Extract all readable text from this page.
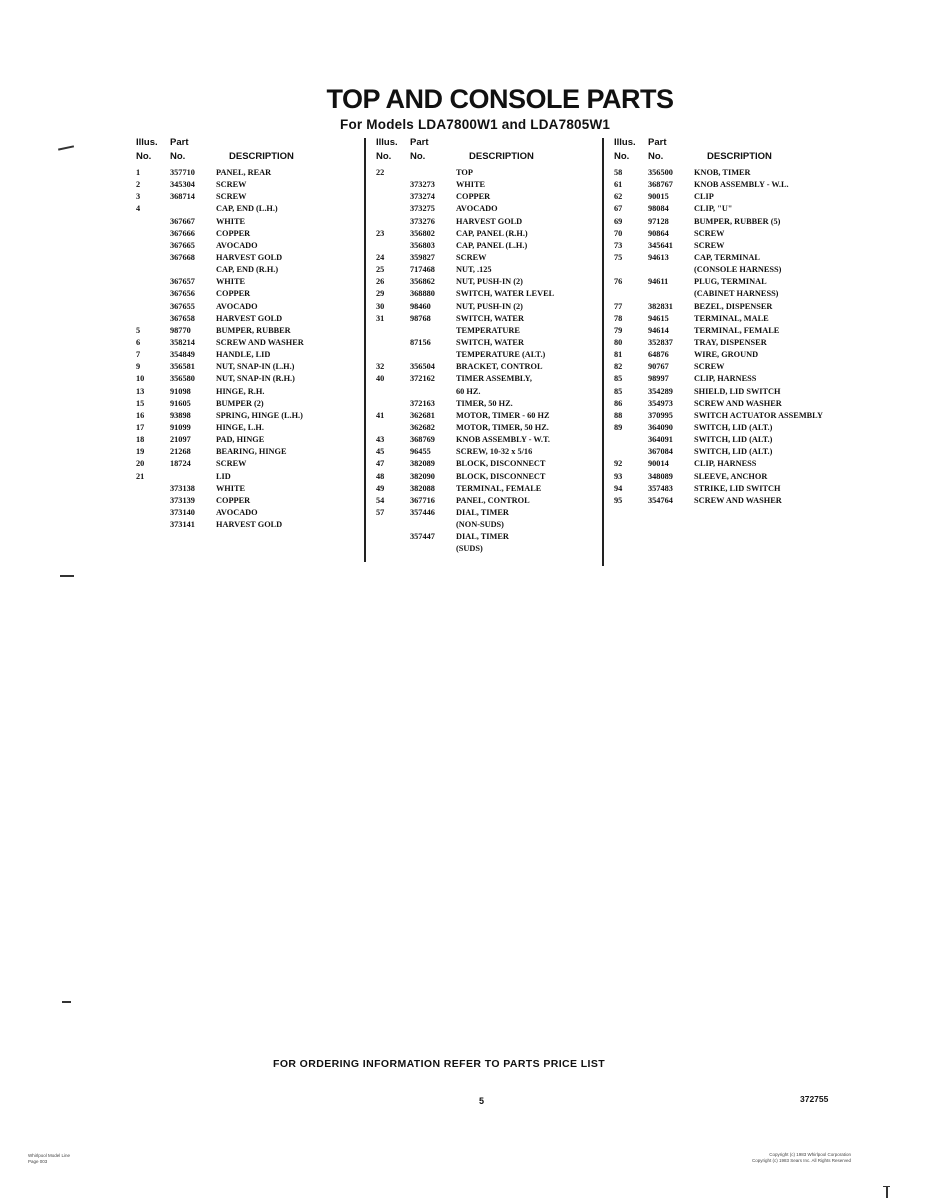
TOP AND CONSOLE PARTS
For Models LDA7800W1 and LDA7805W1
Illus. Part
No. No.	DESCRIPTION
1	357710	PANEL, REAR
2	345304	SCREW
3	368714	SCREW
4	CAP, END (L.H.)
367667	WHITE
367666	COPPER
367665	AVOCADO
367668	HARVEST GOLD
CAP, END (R.H.)
367657	WHITE
367656	COPPER
367655	AVOCADO
367658	HARVEST GOLD
5	98770	BUMPER, RUBBER
6	358214	SCREW AND WASHER
7	354849	HANDLE, LID
9	356581	NUT, SNAP-IN (L.H.)
10	356580	NUT, SNAP-IN (R.H.)
13	91098	HINGE, R.H.
15	91605	BUMPER (2)
16	93898	SPRING, HINGE (L.H.)
17	91099	HINGE, L.H.
18	21097	PAD, HINGE
19	21268	BEARING, HINGE
20	18724	SCREW
21	LID
373138	WHITE
373139	COPPER
373140	AVOCADO
373141	HARVEST GOLD
Illus. Part
No. No.	DESCRIPTION
22	TOP
373273	WHITE
373274	COPPER
373275	AVOCADO
373276	HARVEST GOLD
23	356802	CAP, PANEL (R.H.)
356803	CAP, PANEL (L.H.)
24	359827	SCREW
25	717468	NUT, .125
26	356862	NUT, PUSH-IN (2)
29	368880	SWITCH, WATER LEVEL
30	98460	NUT, PUSH-IN (2)
31	98768	SWITCH, WATER
TEMPERATURE
87156	SWITCH, WATER
TEMPERATURE (ALT.)
32	356504	BRACKET, CONTROL
40	372162	TIMER ASSEMBLY,
60 HZ.
372163	TIMER, 50 HZ.
41	362681	MOTOR, TIMER - 60 HZ
362682	MOTOR, TIMER, 50 HZ.
43	368769	KNOB ASSEMBLY - W.T.
45	96455	SCREW, 10-32 x 5/16
47	382089	BLOCK, DISCONNECT
48	382090	BLOCK, DISCONNECT
49	382088	TERMINAL, FEMALE
54	367716	PANEL, CONTROL
57	357446	DIAL, TIMER
(NON-SUDS)
357447	DIAL, TIMER
(SUDS)
Illus. Part
No. No.	DESCRIPTION
58	356500	KNOB, TIMER
61	368767	KNOB ASSEMBLY - W.L.
62	90015	CLIP
67	98084	CLIP, "U"
69	97128	BUMPER, RUBBER (5)
70	90864	SCREW
73	345641	SCREW
75	94613	CAP, TERMINAL
(CONSOLE HARNESS)
76	94611	PLUG, TERMINAL
(CABINET HARNESS)
77	382831	BEZEL, DISPENSER
78	94615	TERMINAL, MALE
79	94614	TERMINAL, FEMALE
80	352837	TRAY, DISPENSER
81	64876	WIRE, GROUND
82	90767	SCREW
85	98997	CLIP, HARNESS
85	354289	SHIELD, LID SWITCH
86	354973	SCREW AND WASHER
88	370995	SWITCH ACTUATOR ASSEMBLY
89	364090	SWITCH, LID (ALT.)
364091	SWITCH, LID (ALT.)
367084	SWITCH, LID (ALT.)
92	90014	CLIP, HARNESS
93	348089	SLEEVE, ANCHOR
94	357483	STRIKE, LID SWITCH
95	354764	SCREW AND WASHER
FOR ORDERING INFORMATION REFER TO PARTS PRICE LIST
5	372755
Whirlpool Model Line
Page 003
Copyright (c) 1983 Whirlpool Corporation
Copyright (c) 1983 Sears Inc. All Rights Reserved
